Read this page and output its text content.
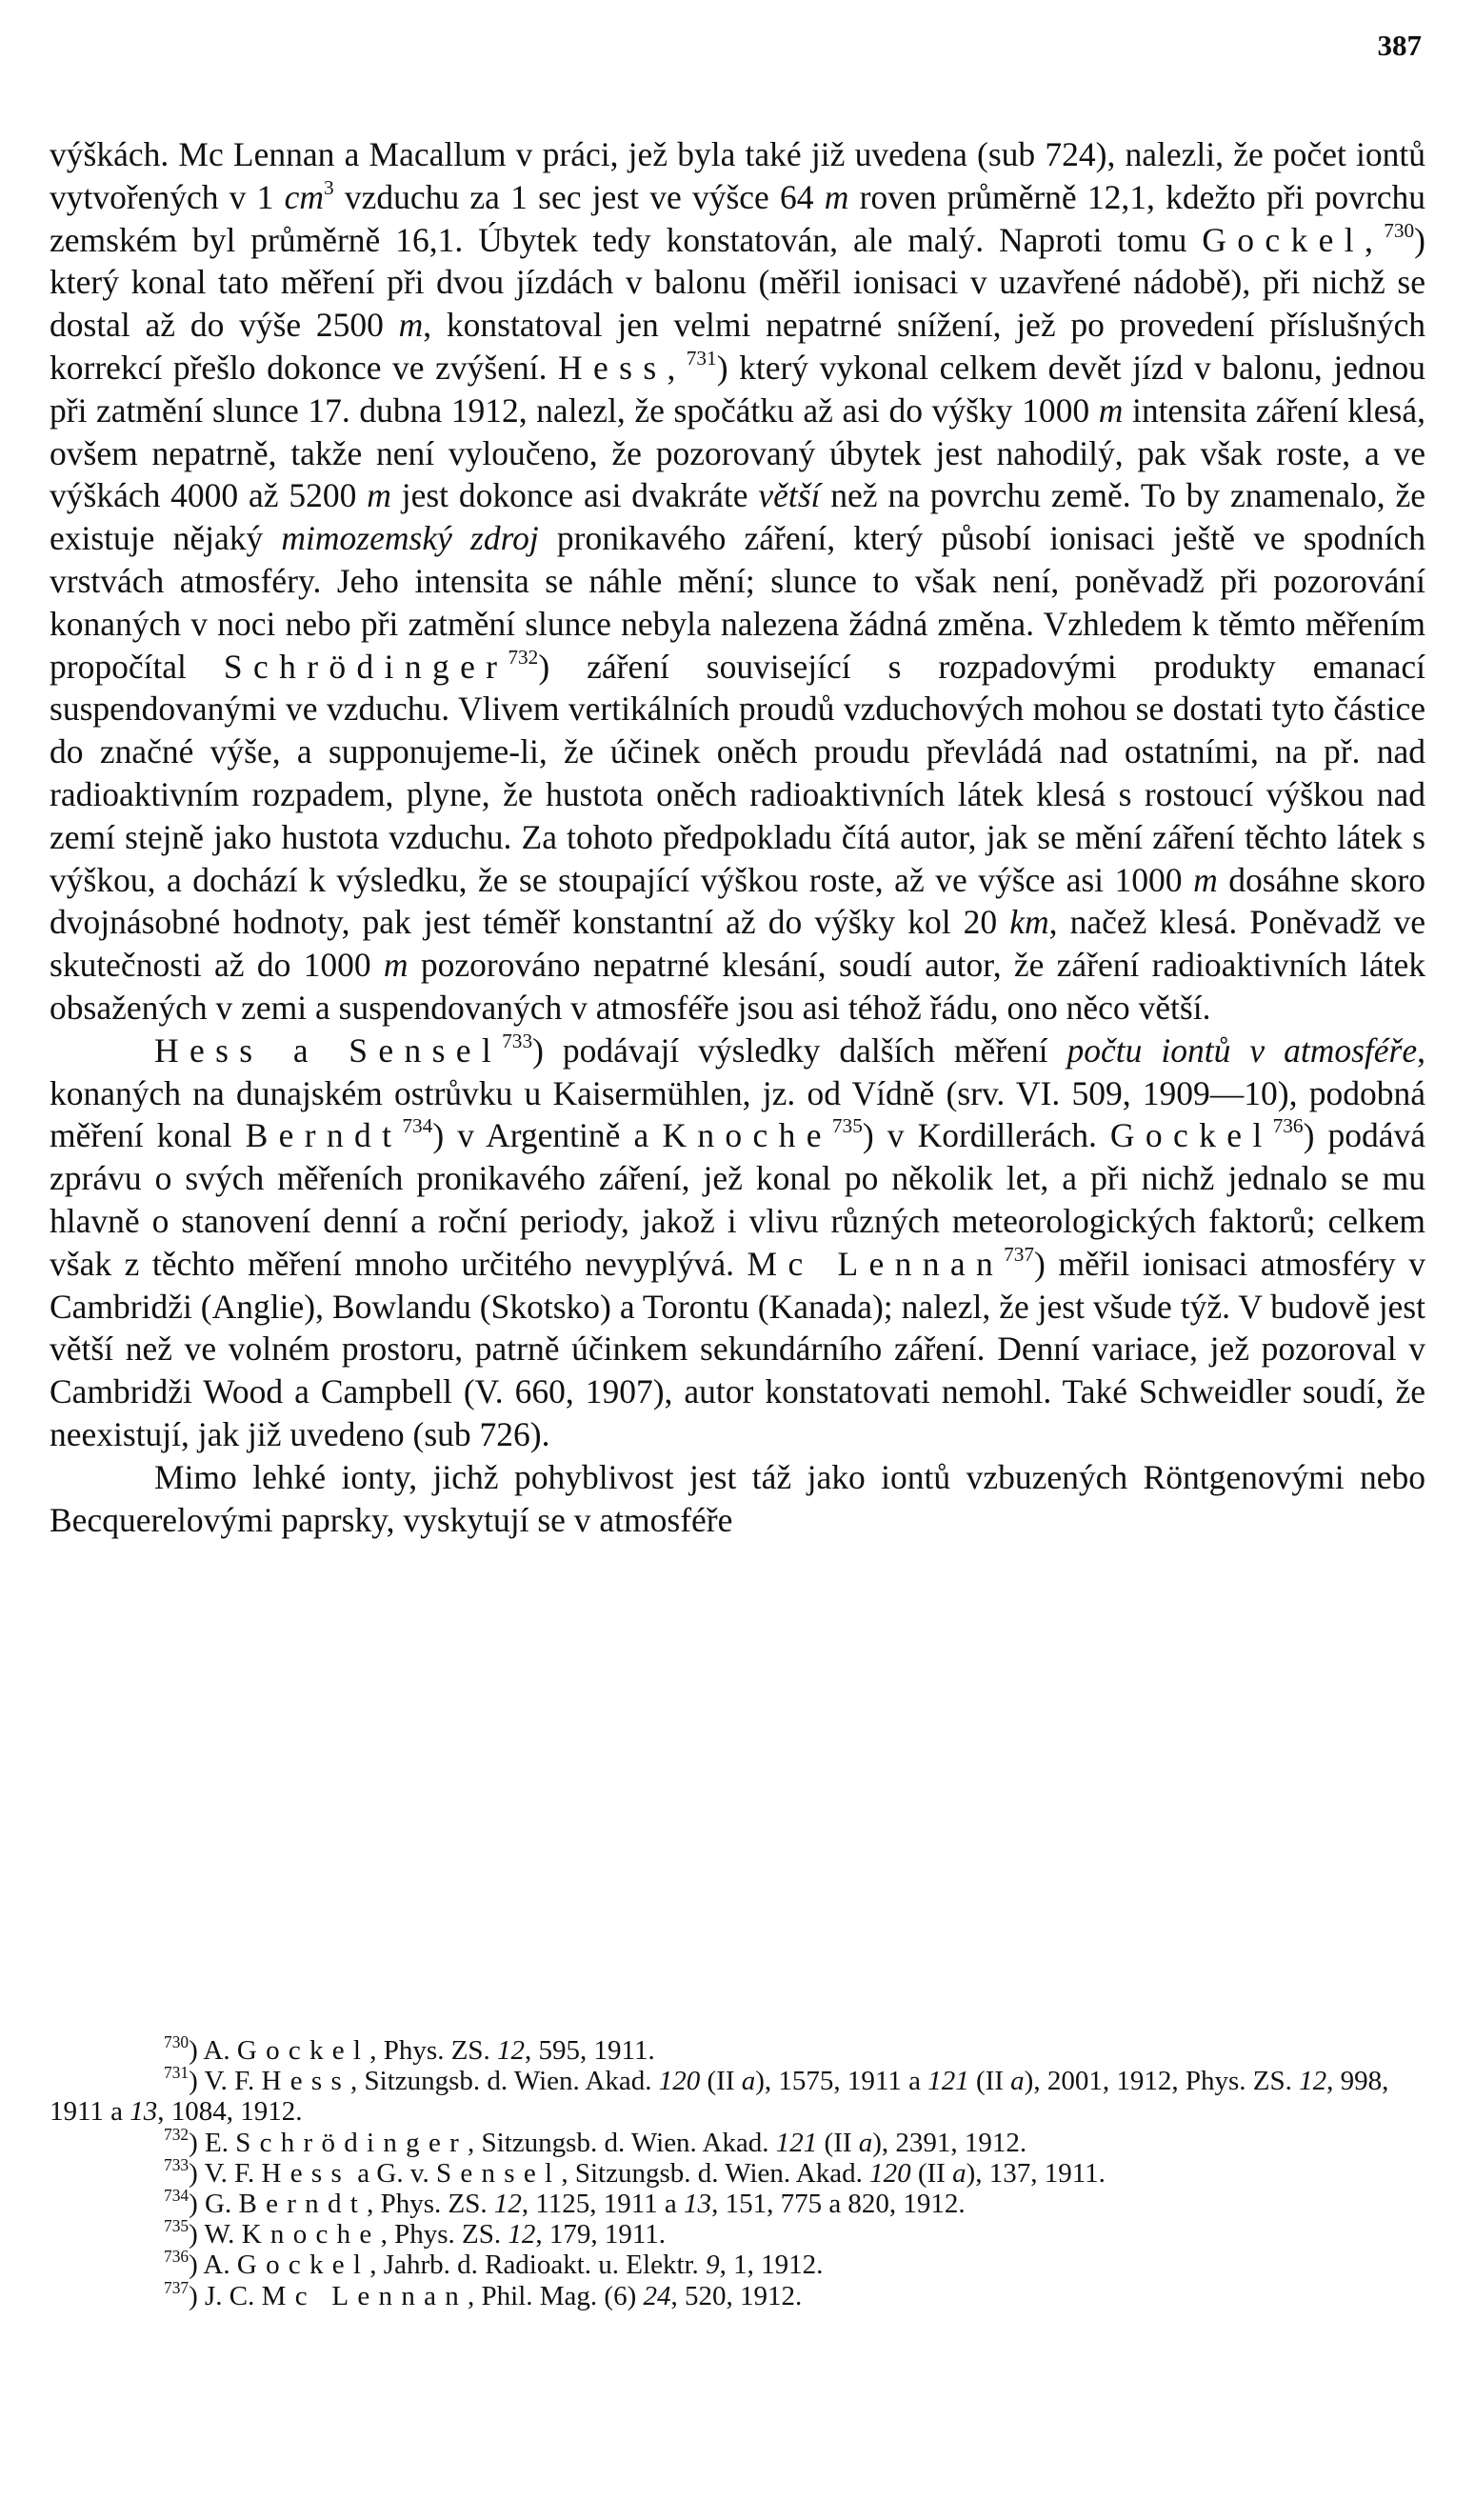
387

výškách. Mc Lennan a Macallum v práci, jež byla také již uvedena (sub 724), nalezli, že počet iontů vytvořených v 1 $cm^3$ vzduchu za 1 sec jest ve výšce 64 m roven průměrně 12,1, kdežto při povrchu zemském byl průměrně 16,1. Úbytek tedy konstatován, ale malý. Naproti tomu Gockel,$^{730}$) který konal tato měření při dvou jízdách v balonu (měřil ionisaci v uzavřené nádobě), při nichž se dostal až do výše 2500 m, konstatoval jen velmi nepatrné snížení, jež po provedení příslušných korrekcí přešlo dokonce ve zvýšení. Hess,$^{731}$) který vykonal celkem devět jízd v balonu, jednou při zatmění slunce 17. dubna 1912, nalezl, že spočátku až asi do výšky 1000 m intensita záření klesá, ovšem nepatrně, takže není vyloučeno, že pozorovaný úbytek jest nahodilý, pak však roste, a ve výškách 4000 až 5200 m jest dokonce asi dvakráte větší než na povrchu země. To by znamenalo, že existuje nějaký mimozemský zdroj pronikavého záření, který působí ionisaci ještě ve spodních vrstvách atmosféry. Jeho intensita se náhle mění; slunce to však není, poněvadž při pozorování konaných v noci nebo při zatmění slunce nebyla nalezena žádná změna. Vzhledem k těmto měřením propočítal Schrödinger$^{732}$) záření související s rozpadovými produkty emanací suspendovanými ve vzduchu. Vlivem vertikálních proudů vzduchových mohou se dostati tyto částice do značné výše, a supponujeme-li, že účinek oněch proudu převládá nad ostatními, na př. nad radioaktivním rozpadem, plyne, že hustota oněch radioaktivních látek klesá s rostoucí výškou nad zemí stejně jako hustota vzduchu. Za tohoto předpokladu čítá autor, jak se mění záření těchto látek s výškou, a dochází k výsledku, že se stoupající výškou roste, až ve výšce asi 1000 m dosáhne skoro dvojnásobné hodnoty, pak jest téměř konstantní až do výšky kol 20 km, načež klesá. Poněvadž ve skutečnosti až do 1000 m pozorováno nepatrné klesání, soudí autor, že záření radioaktivních látek obsažených v zemi a suspendovaných v atmosféře jsou asi téhož řádu, ono něco větší.

Hess a Sensel$^{733}$) podávají výsledky dalších měření počtu iontů v atmosféře, konaných na dunajském ostrůvku u Kaisermühlen, jz. od Vídně (srv. VI. 509, 1909—10), podobná měření konal Berndt$^{734}$) v Argentině a Knoche$^{735}$) v Kordillerách. Gockel$^{736}$) podává zprávu o svých měřeních pronikavého záření, jež konal po několik let, a při nichž jednalo se mu hlavně o stanovení denní a roční periody, jakož i vlivu různých meteorologických faktorů; celkem však z těchto měření mnoho určitého nevyplývá. Mc Lennan$^{737}$) měřil ionisaci atmosféry v Cambridži (Anglie), Bowlandu (Skotsko) a Torontu (Kanada); nalezl, že jest všude týž. V budově jest větší než ve volném prostoru, patrně účinkem sekundárního záření. Denní variace, jež pozoroval v Cambridži Wood a Campbell (V. 660, 1907), autor konstatovati nemohl. Také Schweidler soudí, že neexistují, jak již uvedeno (sub 726).

Mimo lehké ionty, jichž pohyblivost jest táž jako iontů vzbuzených Röntgenovými nebo Becquerelovými paprsky, vyskytují se v atmosféře

$^{730}$) A. Gockel, Phys. ZS. 12, 595, 1911.
$^{731}$) V. F. Hess, Sitzungsb. d. Wien. Akad. 120 (II a), 1575, 1911 a 121 (II a), 2001, 1912, Phys. ZS. 12, 998, 1911 a 13, 1084, 1912.
$^{732}$) E. Schrödinger, Sitzungsb. d. Wien. Akad. 121 (II a), 2391, 1912.
$^{733}$) V. F. Hess a G. v. Sensel, Sitzungsb. d. Wien. Akad. 120 (II a), 137, 1911.
$^{734}$) G. Berndt, Phys. ZS. 12, 1125, 1911 a 13, 151, 775 a 820, 1912.
$^{735}$) W. Knoche, Phys. ZS. 12, 179, 1911.
$^{736}$) A. Gockel, Jahrb. d. Radioakt. u. Elektr. 9, 1, 1912.
$^{737}$) J. C. Mc Lennan, Phil. Mag. (6) 24, 520, 1912.
